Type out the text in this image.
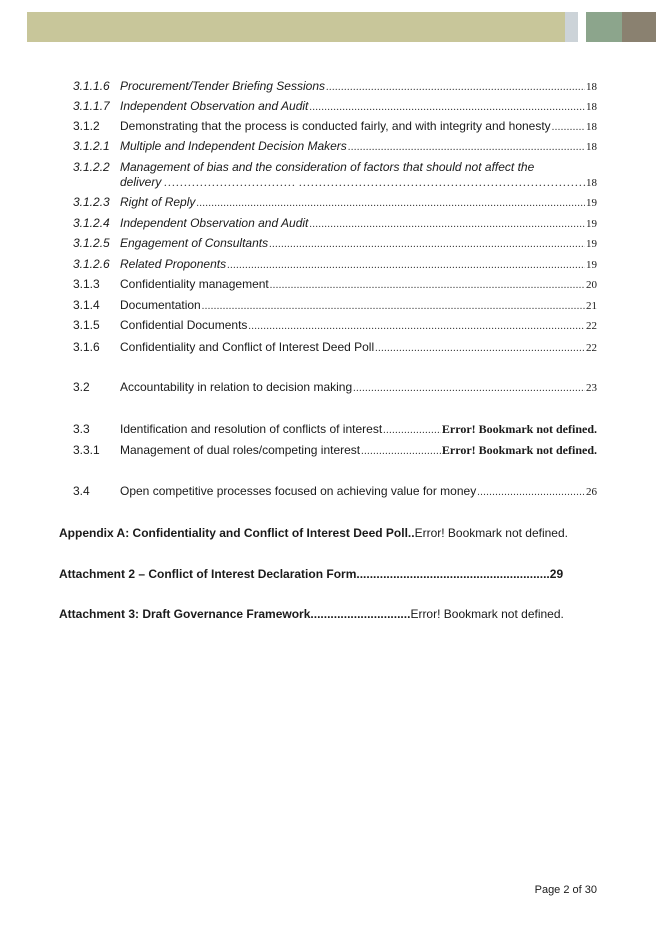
3.1.1.6 Procurement/Tender Briefing Sessions .....	18
3.1.1.7 Independent Observation and Audit .....	18
3.1.2	Demonstrating that the process is conducted fairly, and with integrity and honesty .....	18
3.1.2.1 Multiple and Independent Decision Makers .....	18
3.1.2.2 Management of bias and the consideration of factors that should not affect the
delivery …………………………… ………………………………………………………………………………………………	18
3.1.2.3 Right of Reply .....	19
3.1.2.4 Independent Observation and Audit .....	19
3.1.2.5 Engagement of Consultants .....	19
3.1.2.6 Related Proponents .....	19
3.1.3	Confidentiality management .....	20
3.1.4	Documentation .....	21
3.1.5	Confidential Documents .....	22
3.1.6	Confidentiality and Conflict of Interest Deed Poll .....	22
3.2	Accountability in relation to decision making .....	23
3.3	Identification and resolution of conflicts of interest .....	Error! Bookmark not defined.
3.3.1	Management of dual roles/competing interest .....	Error! Bookmark not defined.
3.4	Open competitive processes focused on achieving value for money .....	26
Appendix A: Confidentiality and Conflict of Interest Deed Poll .. Error! Bookmark not defined.
Attachment 2 – Conflict of Interest Declaration Form .......................................................... 29
Attachment 3: Draft Governance Framework .............................. Error! Bookmark not defined.
Page 2 of 30
